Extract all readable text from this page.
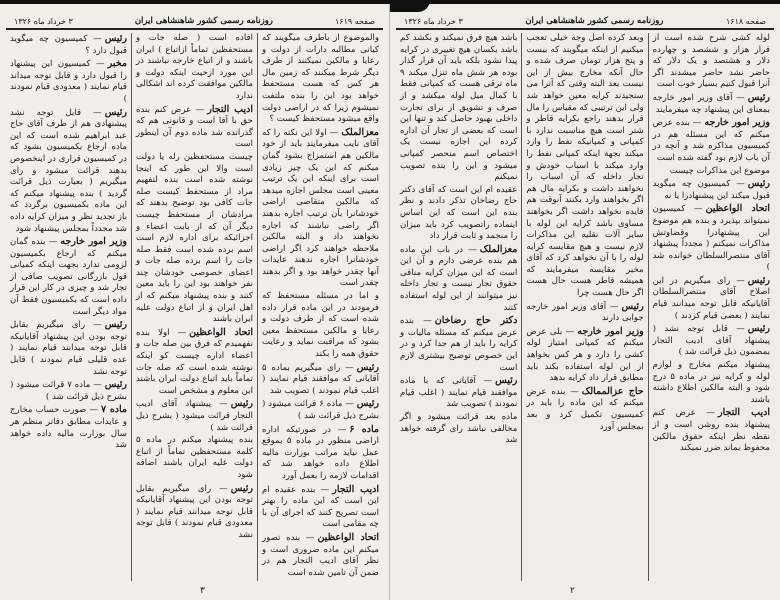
صفحه ۱۶۱۹
روزنامه رسمی کشور شاهنشاهی ایران
۳ خرداد ماه ۱۳۲۶

والموضوع از باطرف میگویند که کیانی مطالبه دارات از دولت و رعایا و مالکین نمیکنند از طرف دیگر شرط میکنند که زمین مال هر کس که هست مستحفظ خواهد بود این را بنده ملتفت نمیشوم زیرا که در اراضی دولت واقع میشود مستحفظ کیست ؟

معزالملک— اولا این نکته را که آقای نایب میفرمایند باید از خود مالکین هم استمزاج بشود گمان میکنم که این یک چیز زیادی است برای اینکه این یک ترتیب معینی است مجلس اجازه میدهد که مالکین متقاضی اراضی خودشانرا بآن ترتیب اجاره بدهند اگر راضی نباشند که اجاره نخواهند داد و البته مالکین ملاحظه خواهند کرد اگر اراضی خودشانرا اجاره ندهند عایدات آنها چقدر خواهد بود و اگر بدهند چقدر است

و اما در مسئله مستحفظ که فرمودند در این ماده قرار داده شده است که از طرف دولت و رعایا و مالکین مستحفظ معین بشود که مراقبت نماید و رعایت حقوق همه را بکند

رئیس— رای میگیریم بماده ۵ آقایانی که موافقند قیام نمایند ( اغلب قیام نمودند ) تصویب شد

رئیس— ماده ۶ قرائت میشود ( بشرح ذیل قرائت شد )

ماده ۶— در صورتیکه اداره اراضی منظور در ماده ۵ بموقع عمل نیاید مراتب بوزارت مالیه اطلاع داده خواهد شد که اقدامات لازمه را بعمل آورد

ادیب التجار— بنده عقیده ام این است که این ماده را بهتر است تصریح کنند که اجرای آن با چه مقامی است

اتحاد الواعظین— بنده تصور میکنم این ماده ضروری است و نظر آقای ادیب التجار هم در ضمن آن تامین شده است

افاده است ( صله جات و مستحفظین تماماً ازاتباع ) ایران باشند و از اتباع خارجه نباشند در این مورد ازحیث اینکه دولت و مالکین موافقت کرده اند اشکالی ندارد

ادیب التجار— عرض کنم بنده حق با آقا است و قانونی هم که گذرانده شد ماده دوم آن اینطور است

چیست مستحفظین رله یا دولت است والا این طور که اینجا نوشته شده است بنده لتفهیم مراد از مستحفظ کیست صله جات کافی بود توضیح بدهند که مرادشان از مستحفظ چیست دیگر آن که از بابت اعضاء و اجزائیکه برای اداره لازم است اسم برده شده است فقط صله جات را اسم برده صله جات و اعضای خصوصی خودشان چند نفر خواهند بود این را باید معین کنند و بنده پیشنهاد میکنم که از اهل ایران و از اتباع دولت علیه ایران باشند

اتحاد الواعظین— اولا بنده نفهمیدم که فرق بین صله جات و اعضاء اداره چیست کو اینکه نوشته شده است که صله جات تماماً باید اتباع دولت ایران باشند این معلوم و مشخص است

رئیس— پیشنهاد آقای ادیب التجار قرائت میشود ( بشرح ذیل قرائت شد )

بنده پیشنهاد میکنم در ماده ۵ کلمه مستحفظین تماماً از اتباع دولت علیه ایران باشند اضافه شود

رئیس— رای میگیریم بقابل توجه بودن این پیشنهاد آقایانیکه قابل توجه میدانند قیام نمایند ( معدودی قیام نمودند ) قابل توجه نشد

رئیس— کمیسیون چه میگوید قبول دارد ؟

مخبر— کمیسیون این پیشنهاد را قبول دارد و قابل توجه میداند قیام نمایند ( معدودی قیام نمودند )

رئیس— قابل توجه نشد پیشنهادی هم از طرف آقای حاج عبد ابراهیم شده است که این ماده ارجاع بکمیسیون بشود که در کمیسیون قراری در اینخصوص بدهند قرائت میشود و رای میگیریم ( بعبارت ذیل قرائت گردید ) بنده پیشنهاد میکنم که این ماده بکمیسیون برگردد که باز تجدید نظر و میزان کرایه داده شد مجدداً بمجلس پیشنهاد شود

وزیر امور خارجه— بنده گمان میکنم که ارجاع بکمیسیون لزومی ندارد بجهت اینکه کمیانی قول بازرگانی تصویب صافی از تجار شد و چیزی در کار این قرار داده است که بکمیسیون فقط آن مواد دیگر است

رئیس— رای میگیریم بقابل توجه بودن این پیشنهاد آقایانیکه قابل توجه میدانند قیام نمایند ( عده قلیلی قیام نمودند ) قابل توجه نشد

رئیس— ماده ۷ قرائت میشود ( بشرح ذیل قرائت شد )

ماده ۷— صورت حساب مخارج و عایدات مطابق دفاتر منظم هر سال بوزارت مالیه داده خواهد شد

۳
صفحه ۱۶۱۸
روزنامه رسمی کشور شاهنشاهی ایران
۳ خرداد ماه ۱۳۲۶

لوله کشی شرح شده است از قرار هزار و ششصد و چهارده دلار و هشتصد و یک دلار که حاضر نشد حاضر میشدند اگر آنرا قبول کنیم بسیار خوب است

رئیس— آقای وزیر امور خارجه بمعنای این پیشنهاد چه میفرمایند

وزیر امور خارجه— بنده عرض میکنم که این مسئله هم در کمیسیون مذاکره شد و آنچه در آن باب لازم بود گفته شده است

موضوع این مذاکرات چیست

رئیس— کمیسیون چه میگوید قبول میکند این پیشنهادرا یا نه

اتحاد الواعظین— کمیسیون نمیتواند بپذیرد و بنده هم موضوع این پیشنهادرا وقضاوتش مذاکرات نمیکنم ( مجدداً پیشنهاد آقای منتصرالسلطان خوانده شد )

رئیس— رای میگیریم در این اصلاح آقای منتصرالسلطان آقایانیکه قابل توجه میدانند قیام نمایند ( بعضی قیام کردند )

رئیس— قابل توجه نشد ( پیشنهاد آقای ادیب التجار بمضمون ذیل قرائت شد )

پیشنهاد میکنم مخارج و لوازم لوله و کرایه نیز در ماده ۵ درج شود و البته مالکین اطلاع داشته باشند

ادیب التجار— عرض کنم پیشنهاد بنده روشن است و از نقطه نظر اینکه حقوق مالکین محفوظ بماند ضرر نمیکند

وبعد کرده اصل وجه خیلی تعجب میکنیم از اینکه میگویند که بیست و پنج هزار تومان صرف شده و حال آنکه مخارج بیش از این نیست بعد البته وقتی که آنرا می سنجیدند کرایه معین خواهد شد ولی این ترتیبی که مقیاس را مال قرار بدهند راجع بکرایه قاطر و شتر است هیچ مناسبت ندارد با کمپانی و کمپانیکه نفط را وارد میکند بجهة اینکه کمپانی نفط را وارد میکند با اسباب خودش و تجار داخله که آن اسباب را نخواهند داشت و بکرایه مال هم اگر بخواهند وارد بکنند آنوقت هم فایده نخواهد داشت اگر بخواهند مساوی باشد کرایه این لوله با سایر آلات نقلیه این مذاکرات لازم نیست و هیچ مقایسه کرایه لوله را با آن نخواهد کرد که آقای مخبر مقایسه میفرمایند که همیشه قاطر هست حال هست اگر حال هست چرا

رئیس— آقای وزیر امور خارجه جوابی دارند

وزیر امور خارجه— بلی عرض میکنم که کمپانی امتیاز لوله کشی را دارد و هر کس بخواهد از این لوله استفاده بکند باید مطابق قرار داد کرایه بدهد

حاج عزالممالک— بنده عرض میکنم که این ماده را باید در کمیسیون تکمیل کرد و بعد بمجلس آورد

باشد هیچ فرق نمیکند و بکشد کم باشد یکسان هیچ تغییری در کرایه پیدا نشود بلکه باید آن قرار گذار بوده هر شش ماه تنزل میکند ۹ ماه ترقی هست که کمپانی فقط با کمال میل لوله میکشد و از صرف و تشویق از برای تجارت داخلی بهبود حاصل کند و تنها این است که بعضی از تجار آن اداره کرده این اجازه نیست یک اختصاص اسم منحصر کمپانی میشود و این را بنده تصویب نمیکنم

عقیده ام این است که آقای دکتر حاج رضاخان تذکر دادند و نظر بنده این است که این اساس اینماده راتصویب کرد باید میزان را منجمد و ثابت قرار داد

معزالملک— در باب این ماده هم بنده عرضی دارم و آن این است که این میزان کرایه منافی حقوق تجار نیست و تجار داخله نیز میتوانند از این لوله استفاده کنند

دکتر حاج رضاخان— بنده عرض میکنم که مسئله مالیات و کرایه را باید از هم جدا کرد و در این خصوص توضیح بیشتری لازم است

رئیس— آقایانی که با ماده موافقند قیام نمایند ( اغلب قیام نمودند ) تصویب شد

ماده بعد قرائت میشود و اگر مخالفی نباشد رای گرفته خواهد شد

۲
